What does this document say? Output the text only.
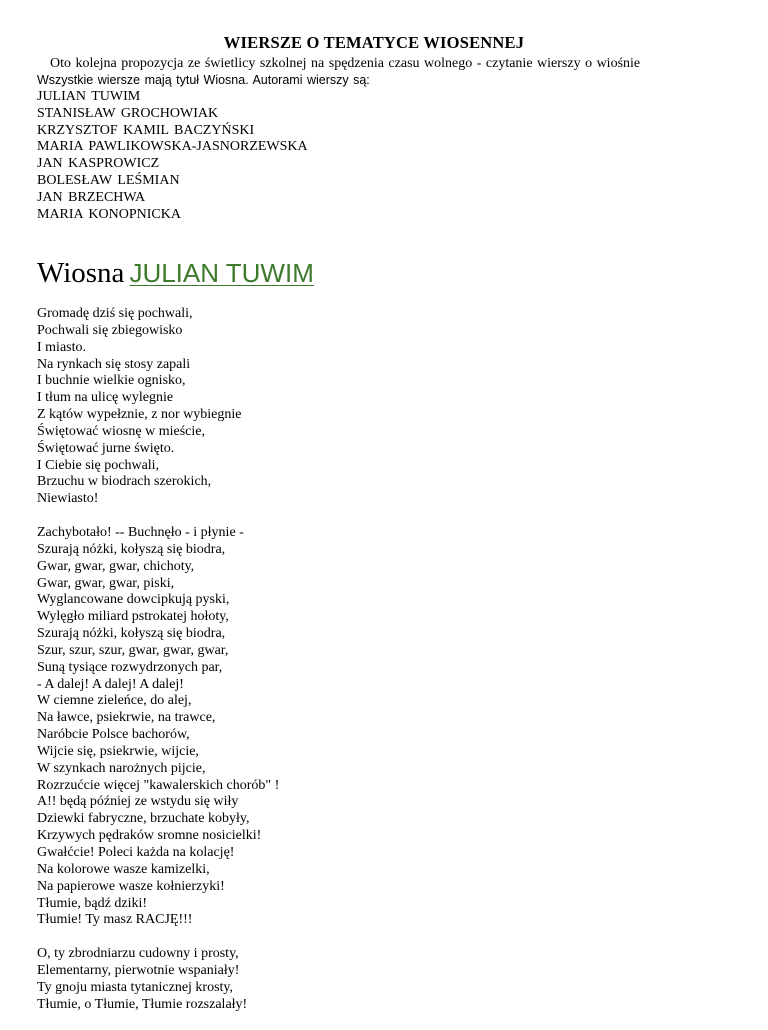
WIERSZE O TEMATYCE WIOSENNEJ
Oto kolejna propozycja ze świetlicy szkolnej na spędzenia czasu wolnego - czytanie wierszy o wiośnie
Wszystkie wiersze mają tytuł Wiosna. Autorami wierszy są:
JULIAN TUWIM
STANISŁAW GROCHOWIAK
KRZYSZTOF KAMIL BACZYŃSKI
MARIA PAWLIKOWSKA-JASNORZEWSKA
JAN KASPROWICZ
BOLESŁAW LEŚMIAN
JAN BRZECHWA
MARIA KONOPNICKA
Wiosna JULIAN TUWIM
Gromadę dziś się pochwali,
Pochwali się zbiegowisko
I miasto.
Na rynkach się stosy zapali
I buchnie wielkie ognisko,
I tłum na ulicę wylegnie
Z kątów wypełznie, z nor wybiegnie
Świętować wiosnę w mieście,
Świętować jurne święto.
I Ciebie się pochwali,
Brzuchu w biodrach szerokich,
Niewiasto!
Zachybotało! -- Buchnęło - i płynie -
Szurają nóżki, kołyszą się biodra,
Gwar, gwar, gwar, chichoty,
Gwar, gwar, gwar, piski,
Wyglancowane dowcipkują pyski,
Wylęgło miliard pstrokatej hołoty,
Szurają nóżki, kołyszą się biodra,
Szur, szur, szur, gwar, gwar, gwar,
Suną tysiące rozwydrzonych par,
- A dalej! A dalej! A dalej!
W ciemne zieleńce, do alej,
Na ławce, psiekrwie, na trawce,
Naróbcie Polsce bachorów,
Wijcie się, psiekrwie, wijcie,
W szynkach narożnych pijcie,
Rozrzućcie więcej "kawalerskich chorób" !
A!! będą później ze wstydu się wiły
Dziewki fabryczne, brzuchate kobyły,
Krzywych pędraków sromne nosicielki!
Gwałćcie! Poleci każda na kolację!
Na kolorowe wasze kamizelki,
Na papierowe wasze kołnierzyki!
Tłumie, bądź dziki!
Tłumie! Ty masz RACJĘ!!!
O, ty zbrodniarzu cudowny i prosty,
Elementarny, pierwotnie wspaniały!
Ty gnoju miasta tytanicznej krosty,
Tłumie, o Tłumie, Tłumie rozszalały!
